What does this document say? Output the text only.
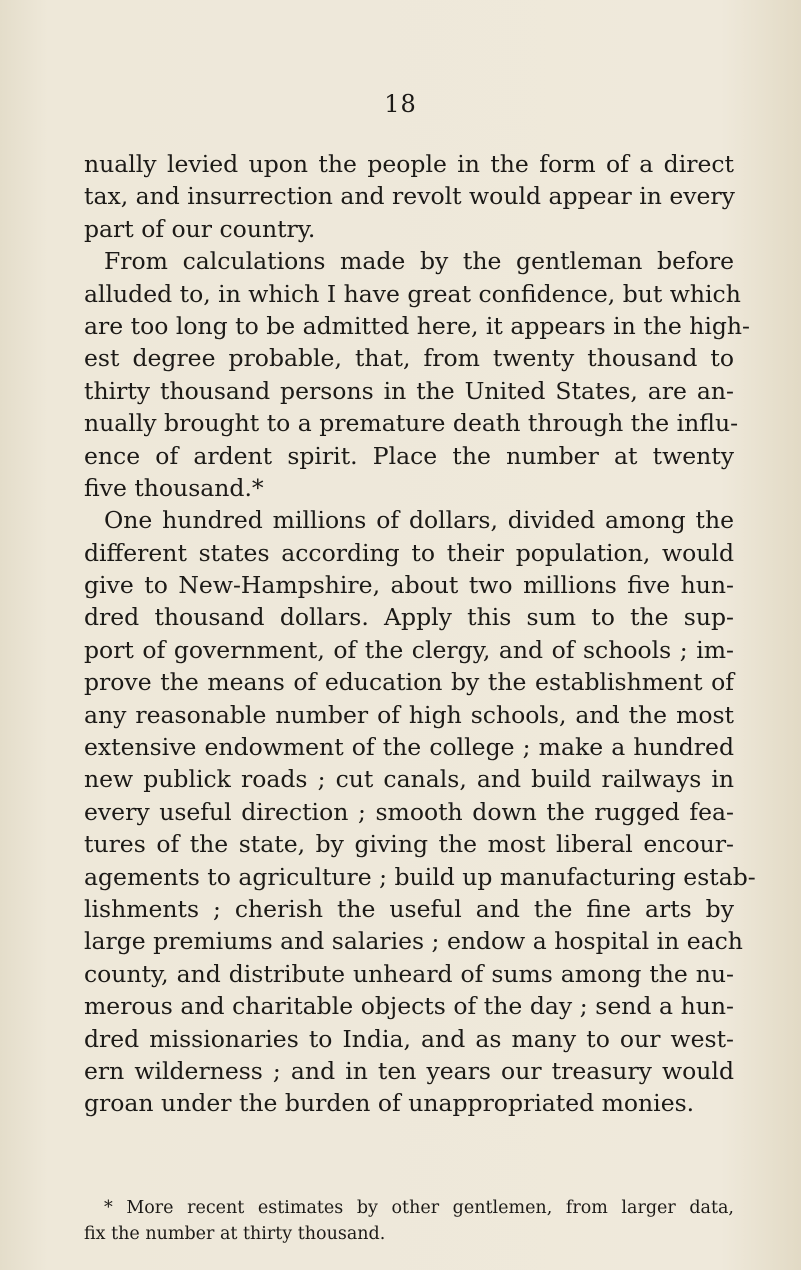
18
nually levied upon the people in the form of a direct
tax, and insurrection and revolt would appear in every
part of our country.
From calculations made by the gentleman before
alluded to, in which I have great confidence, but which
are too long to be admitted here, it appears in the high-
est degree probable, that, from twenty thousand to
thirty thousand persons in the United States, are an-
nually brought to a premature death through the influ-
ence of ardent spirit. Place the number at twenty
five thousand.*
One hundred millions of dollars, divided among the
different states according to their population, would
give to New-Hampshire, about two millions five hun-
dred thousand dollars. Apply this sum to the sup-
port of government, of the clergy, and of schools ; im-
prove the means of education by the establishment of
any reasonable number of high schools, and the most
extensive endowment of the college ; make a hundred
new publick roads ; cut canals, and build railways in
every useful direction ; smooth down the rugged fea-
tures of the state, by giving the most liberal encour-
agements to agriculture ; build up manufacturing estab-
lishments ; cherish the useful and the fine arts by
large premiums and salaries ; endow a hospital in each
county, and distribute unheard of sums among the nu-
merous and charitable objects of the day ; send a hun-
dred missionaries to India, and as many to our west-
ern wilderness ; and in ten years our treasury would
groan under the burden of unappropriated monies.
* More recent estimates by other gentlemen, from larger data,
fix the number at thirty thousand.
